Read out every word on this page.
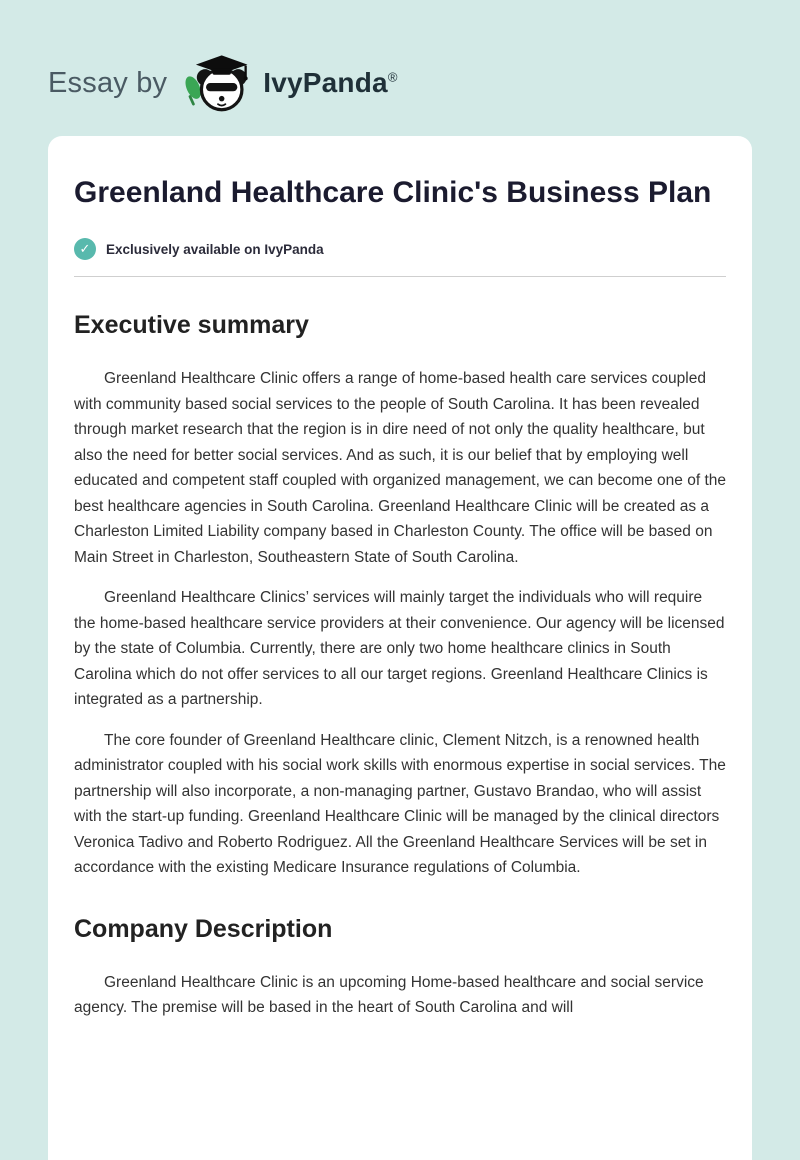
Essay by	IvyPanda®
Greenland Healthcare Clinic's Business Plan
✓	Exclusively available on IvyPanda
Executive summary

Greenland Healthcare Clinic offers a range of home-based health care services coupled with community based social services to the people of South Carolina. It has been revealed through market research that the region is in dire need of not only the quality healthcare, but also the need for better social services. And as such, it is our belief that by employing well educated and competent staff coupled with organized management, we can become one of the best healthcare agencies in South Carolina. Greenland Healthcare Clinic will be created as a Charleston Limited Liability company based in Charleston County. The office will be based on Main Street in Charleston, Southeastern State of South Carolina.

Greenland Healthcare Clinics’ services will mainly target the individuals who will require the home-based healthcare service providers at their convenience. Our agency will be licensed by the state of Columbia. Currently, there are only two home healthcare clinics in South Carolina which do not offer services to all our target regions. Greenland Healthcare Clinics is integrated as a partnership.

The core founder of Greenland Healthcare clinic, Clement Nitzch, is a renowned health administrator coupled with his social work skills with enormous expertise in social services. The partnership will also incorporate, a non-managing partner, Gustavo Brandao, who will assist with the start-up funding. Greenland Healthcare Clinic will be managed by the clinical directors Veronica Tadivo and Roberto Rodriguez. All the Greenland Healthcare Services will be set in accordance with the existing Medicare Insurance regulations of Columbia.

Company Description

Greenland Healthcare Clinic is an upcoming Home-based healthcare and social service agency. The premise will be based in the heart of South Carolina and will
